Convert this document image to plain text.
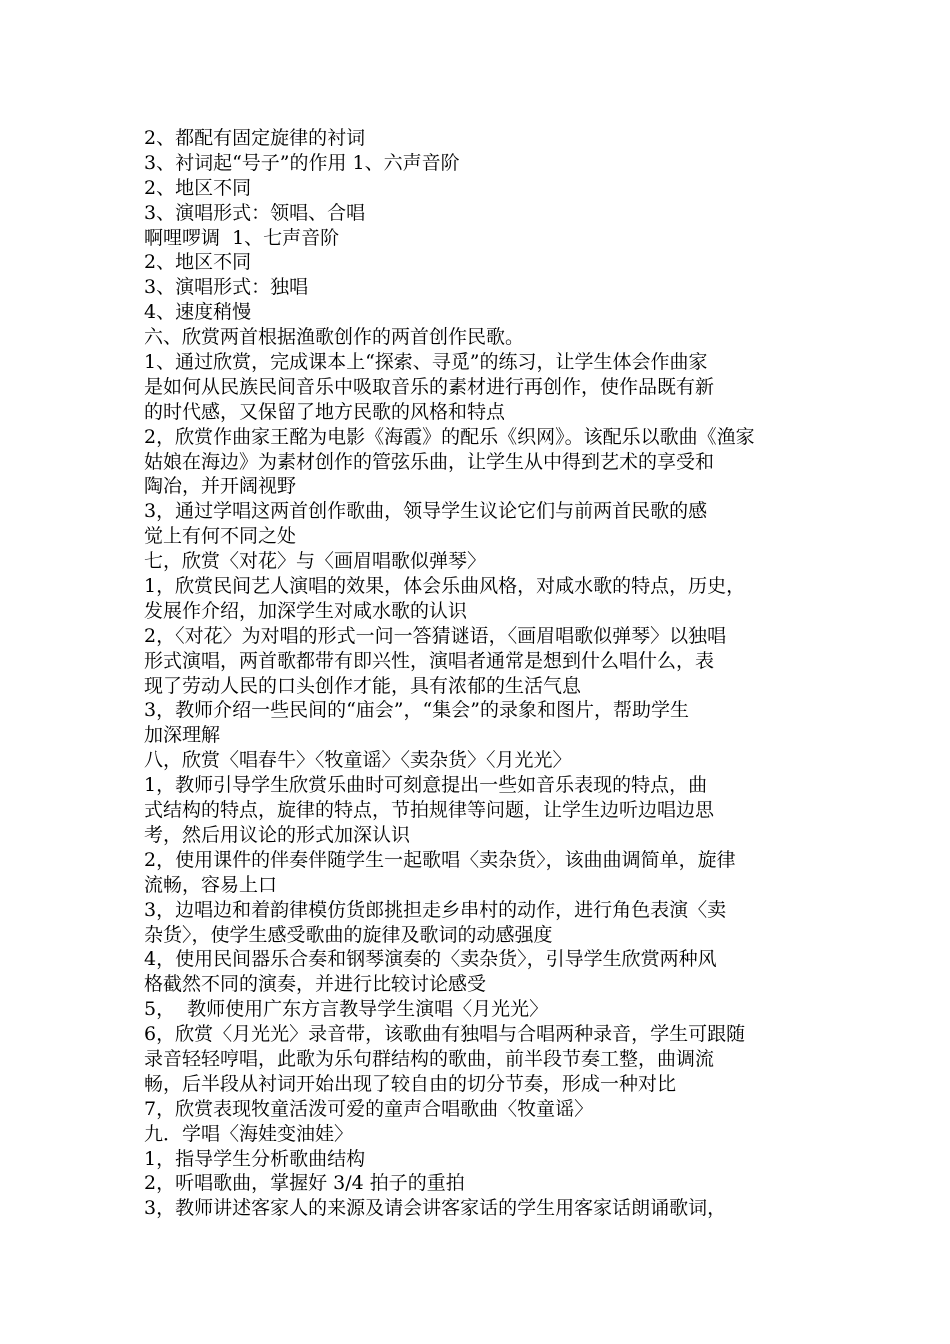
2、都配有固定旋律的衬词
3、衬词起“号子”的作用 1、六声音阶
2、地区不同
3、演唱形式：领唱、合唱
啊哩啰调  1、七声音阶
2、地区不同
3、演唱形式：独唱
4、速度稍慢
六、欣赏两首根据渔歌创作的两首创作民歌。
1、通过欣赏，完成课本上“探索、寻觅”的练习，让学生体会作曲家
是如何从民族民间音乐中吸取音乐的素材进行再创作，使作品既有新
的时代感，又保留了地方民歌的风格和特点
2，欣赏作曲家王酩为电影《海霞》的配乐《织网》。该配乐以歌曲《渔家
姑娘在海边》为素材创作的管弦乐曲，让学生从中得到艺术的享受和
陶冶，并开阔视野
3，通过学唱这两首创作歌曲，领导学生议论它们与前两首民歌的感
觉上有何不同之处
七，欣赏〈对花〉与〈画眉唱歌似弹琴〉
1，欣赏民间艺人演唱的效果，体会乐曲风格，对咸水歌的特点，历史，
发展作介绍，加深学生对咸水歌的认识
2，〈对花〉为对唱的形式一问一答猜谜语，〈画眉唱歌似弹琴〉以独唱
形式演唱，两首歌都带有即兴性，演唱者通常是想到什么唱什么，表
现了劳动人民的口头创作才能，具有浓郁的生活气息
3，教师介绍一些民间的“庙会”，“集会”的录象和图片，帮助学生
加深理解
八，欣赏〈唱春牛〉〈牧童谣〉〈卖杂货〉〈月光光〉
1，教师引导学生欣赏乐曲时可刻意提出一些如音乐表现的特点，曲
式结构的特点，旋律的特点，节拍规律等问题，让学生边听边唱边思
考，然后用议论的形式加深认识
2，使用课件的伴奏伴随学生一起歌唱〈卖杂货〉，该曲曲调简单，旋律
流畅，容易上口
3，边唱边和着韵律模仿货郎挑担走乡串村的动作，进行角色表演〈卖
杂货〉，使学生感受歌曲的旋律及歌词的动感强度
4，使用民间器乐合奏和钢琴演奏的〈卖杂货〉，引导学生欣赏两种风
格截然不同的演奏，并进行比较讨论感受
5，  教师使用广东方言教导学生演唱〈月光光〉
6，欣赏〈月光光〉录音带，该歌曲有独唱与合唱两种录音，学生可跟随
录音轻轻哼唱，此歌为乐句群结构的歌曲，前半段节奏工整，曲调流
畅，后半段从衬词开始出现了较自由的切分节奏，形成一种对比
7，欣赏表现牧童活泼可爱的童声合唱歌曲〈牧童谣〉
九．学唱〈海娃变油娃〉
1，指导学生分析歌曲结构
2，听唱歌曲，掌握好 3/4 拍子的重拍
3，教师讲述客家人的来源及请会讲客家话的学生用客家话朗诵歌词，
